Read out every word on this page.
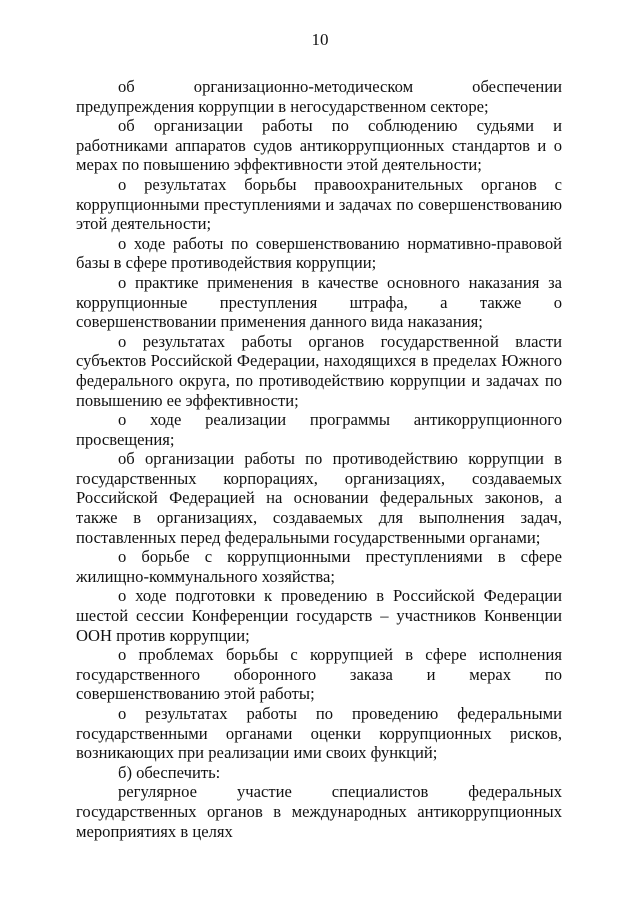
10

об организационно-методическом обеспечении предупреждения коррупции в негосударственном секторе;

об организации работы по соблюдению судьями и работниками аппаратов судов антикоррупционных стандартов и о мерах по повышению эффективности этой деятельности;

о результатах борьбы правоохранительных органов с коррупционными преступлениями и задачах по совершенствованию этой деятельности;

о ходе работы по совершенствованию нормативно-правовой базы в сфере противодействия коррупции;

о практике применения в качестве основного наказания за коррупционные преступления штрафа, а также о совершенствовании применения данного вида наказания;

о результатах работы органов государственной власти субъектов Российской Федерации, находящихся в пределах Южного федерального округа, по противодействию коррупции и задачах по повышению ее эффективности;

о ходе реализации программы антикоррупционного просвещения;

об организации работы по противодействию коррупции в государственных корпорациях, организациях, создаваемых Российской Федерацией на основании федеральных законов, а также в организациях, создаваемых для выполнения задач, поставленных перед федеральными государственными органами;

о борьбе с коррупционными преступлениями в сфере жилищно-коммунального хозяйства;

о ходе подготовки к проведению в Российской Федерации шестой сессии Конференции государств – участников Конвенции ООН против коррупции;

о проблемах борьбы с коррупцией в сфере исполнения государственного оборонного заказа и мерах по совершенствованию этой работы;

о результатах работы по проведению федеральными государственными органами оценки коррупционных рисков, возникающих при реализации ими своих функций;

б) обеспечить:

регулярное участие специалистов федеральных государственных органов в международных антикоррупционных мероприятиях в целях
